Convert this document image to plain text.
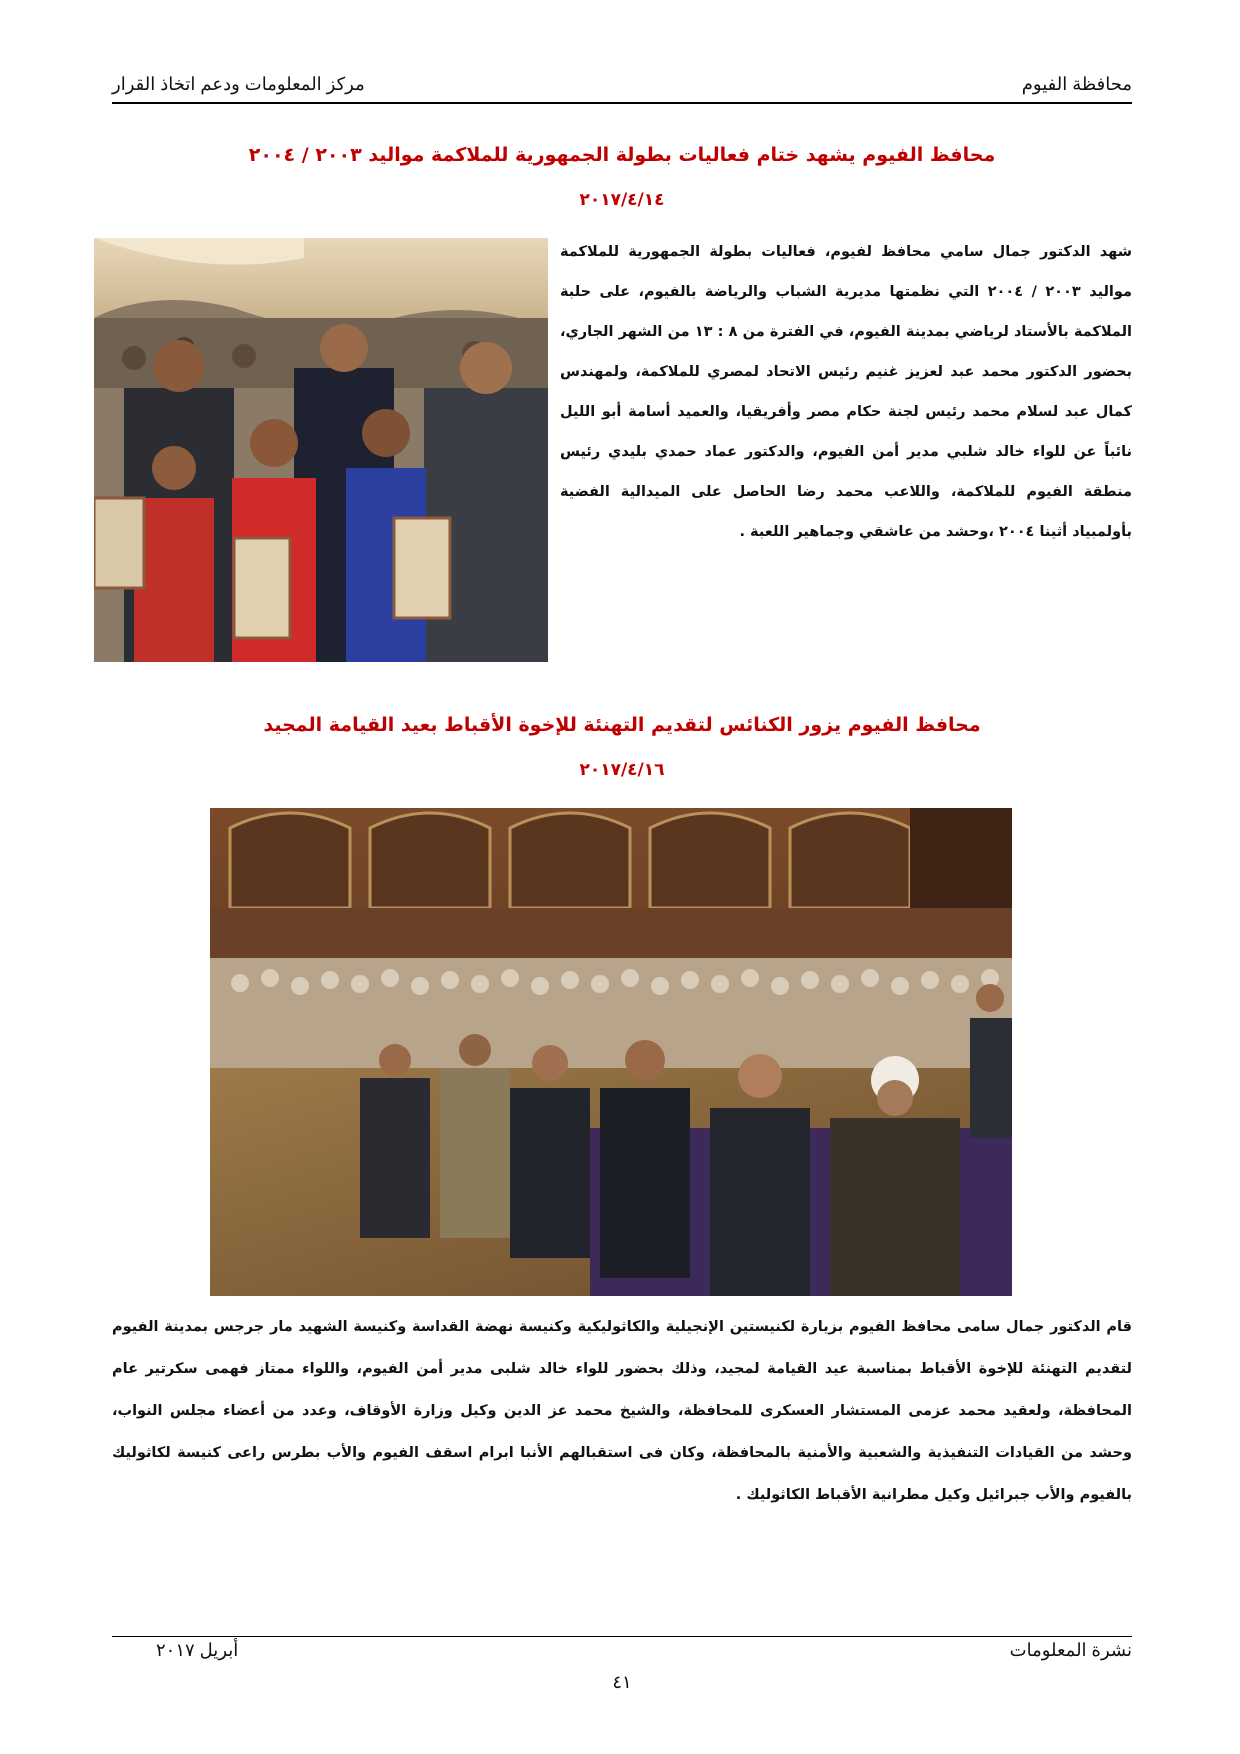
محافظة الفيوم
مركز المعلومات ودعم اتخاذ القرار
محافظ الفيوم يشهد ختام فعاليات بطولة الجمهورية للملاكمة مواليد ٢٠٠٣ / ٢٠٠٤
٢٠١٧/٤/١٤
شهد الدكتور جمال سامي محافظ لفيوم، فعاليات بطولة الجمهورية للملاكمة مواليد ٢٠٠٣ / ٢٠٠٤ التي نظمتها مديرية الشباب والرياضة بالفيوم، على حلبة الملاكمة بالأستاد لرياضي بمدينة الفيوم، في الفترة من ٨ : ١٣ من الشهر الجاري، بحضور الدكتور محمد عبد لعزيز غنيم رئيس الاتحاد لمصري للملاكمة، ولمهندس كمال عبد لسلام محمد رئيس لجنة حكام مصر وأفريقيا، والعميد أسامة أبو الليل نائباً عن للواء خالد شلبي مدير أمن الفيوم، والدكتور عماد حمدي بليدي رئيس منطقة الفيوم للملاكمة، واللاعب محمد رضا الحاصل على الميدالية الفضية بأولمبياد أثينا ٢٠٠٤ ،وحشد من عاشقي وجماهير اللعبة .
محافظ الفيوم يزور الكنائس لتقديم التهنئة للإخوة الأقباط بعيد القيامة المجيد
٢٠١٧/٤/١٦
قام الدكتور جمال سامى محافظ الفيوم بزيارة لكنيستين الإنجيلية والكاثوليكية وكنيسة نهضة القداسة وكنيسة الشهيد مار جرجس بمدينة الفيوم لتقديم التهنئة للإخوة الأقباط بمناسبة عيد القيامة لمجيد، وذلك بحضور للواء خالد شلبى مدير أمن الفيوم، واللواء ممتاز فهمى سكرتير عام المحافظة، ولعقيد محمد عزمى المستشار العسكرى للمحافظة، والشيخ محمد عز الدين وكيل وزارة الأوقاف، وعدد من أعضاء مجلس النواب، وحشد من القيادات التنفيذية والشعبية والأمنية بالمحافظة، وكان فى استقبالهم الأنبا ابرام اسقف الفيوم والأب بطرس راعى كنيسة لكاثوليك بالفيوم والأب جبرائيل وكيل مطرانية الأقباط الكاثوليك .
نشرة المعلومات
أبريل ٢٠١٧
٤١
